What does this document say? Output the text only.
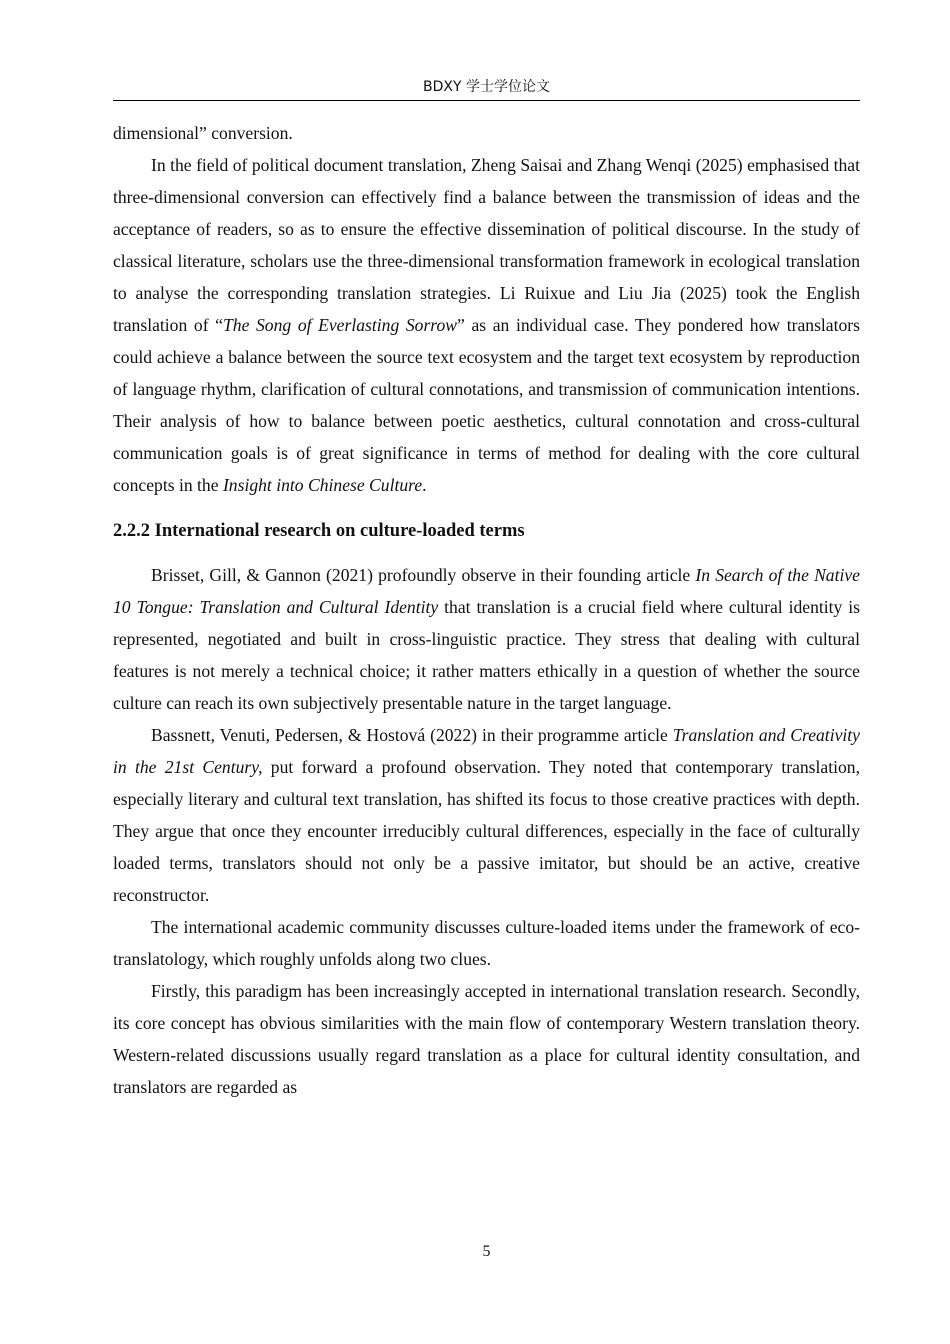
BDXY 学士学位论文

dimensional” conversion.

In the field of political document translation, Zheng Saisai and Zhang Wenqi (2025) emphasised that three-dimensional conversion can effectively find a balance between the transmission of ideas and the acceptance of readers, so as to ensure the effective dissemination of political discourse. In the study of classical literature, scholars use the three-dimensional transformation framework in ecological translation to analyse the corresponding translation strategies. Li Ruixue and Liu Jia (2025) took the English translation of “The Song of Everlasting Sorrow” as an individual case. They pondered how translators could achieve a balance between the source text ecosystem and the target text ecosystem by reproduction of language rhythm, clarification of cultural connotations, and transmission of communication intentions. Their analysis of how to balance between poetic aesthetics, cultural connotation and cross-cultural communication goals is of great significance in terms of method for dealing with the core cultural concepts in the Insight into Chinese Culture.

2.2.2 International research on culture-loaded terms

Brisset, Gill, & Gannon (2021) profoundly observe in their founding article In Search of the Native 10 Tongue: Translation and Cultural Identity that translation is a crucial field where cultural identity is represented, negotiated and built in cross-linguistic practice. They stress that dealing with cultural features is not merely a technical choice; it rather matters ethically in a question of whether the source culture can reach its own subjectively presentable nature in the target language.

Bassnett, Venuti, Pedersen, & Hostová (2022) in their programme article Translation and Creativity in the 21st Century, put forward a profound observation. They noted that contemporary translation, especially literary and cultural text translation, has shifted its focus to those creative practices with depth. They argue that once they encounter irreducibly cultural differences, especially in the face of culturally loaded terms, translators should not only be a passive imitator, but should be an active, creative reconstructor.

The international academic community discusses culture-loaded items under the framework of eco-translatology, which roughly unfolds along two clues.

Firstly, this paradigm has been increasingly accepted in international translation research. Secondly, its core concept has obvious similarities with the main flow of contemporary Western translation theory. Western-related discussions usually regard translation as a place for cultural identity consultation, and translators are regarded as

5
